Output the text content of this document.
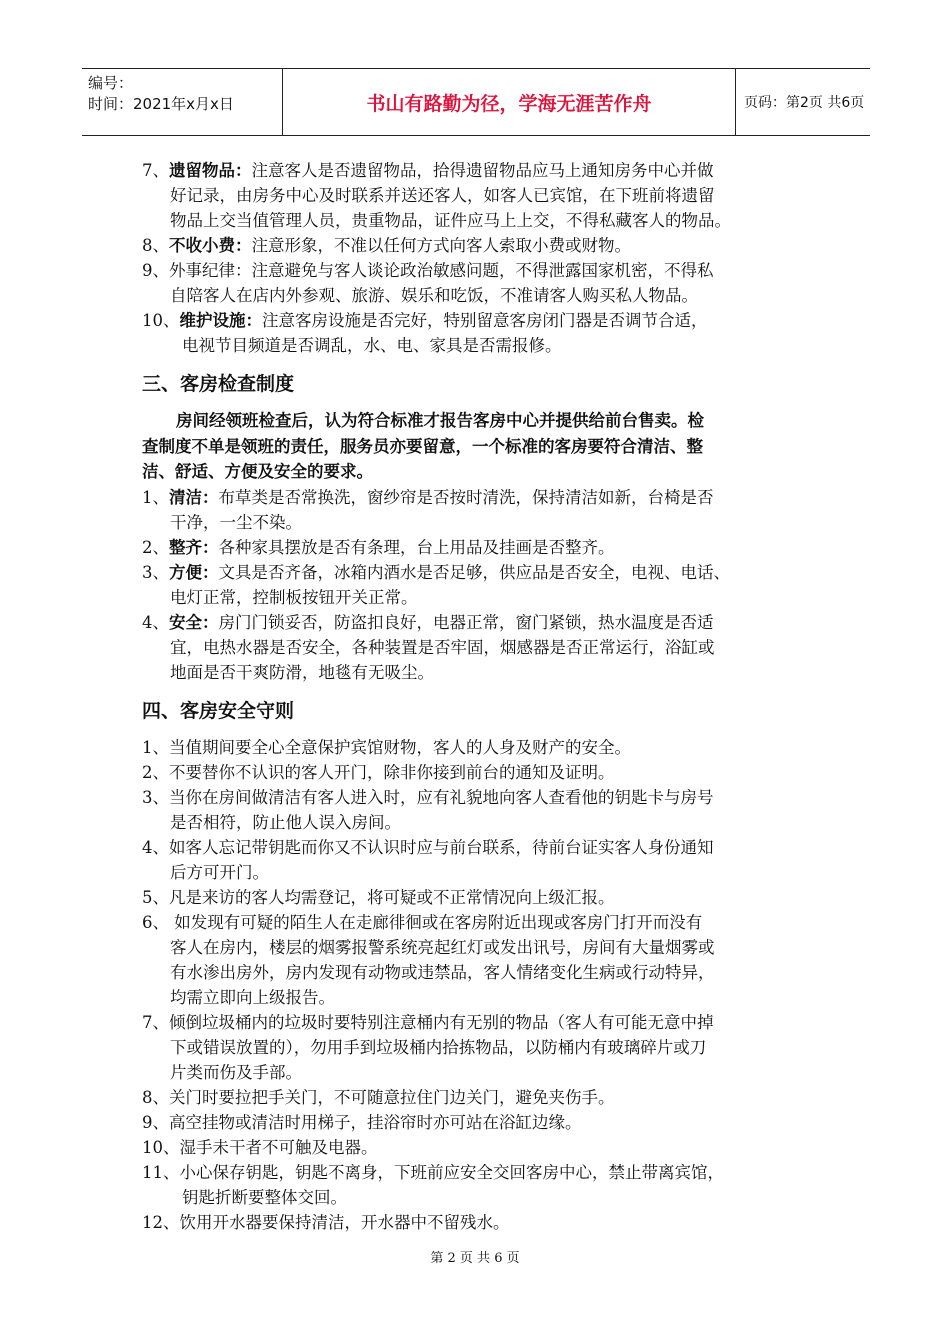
编号：
时间：2021年x月x日	书山有路勤为径，学海无涯苦作舟	页码：第2页 共6页

7、遗留物品：注意客人是否遗留物品，拾得遗留物品应马上通知房务中心并做
好记录，由房务中心及时联系并送还客人，如客人已宾馆，在下班前将遗留
物品上交当值管理人员，贵重物品，证件应马上上交，不得私藏客人的物品。

8、不收小费：注意形象，不准以任何方式向客人索取小费或财物。

9、外事纪律：注意避免与客人谈论政治敏感问题，不得泄露国家机密，不得私
自陪客人在店内外参观、旅游、娱乐和吃饭，不准请客人购买私人物品。

10、维护设施：注意客房设施是否完好，特别留意客房闭门器是否调节合适，
电视节目频道是否调乱，水、电、家具是否需报修。

三、客房检查制度
房间经领班检查后，认为符合标准才报告客房中心并提供给前台售卖。检
查制度不单是领班的责任，服务员亦要留意，一个标准的客房要符合清洁、整
洁、舒适、方便及安全的要求。

1、清洁：布草类是否常换洗，窗纱帘是否按时清洗，保持清洁如新，台椅是否
干净，一尘不染。

2、整齐：各种家具摆放是否有条理，台上用品及挂画是否整齐。

3、方便：文具是否齐备，冰箱内酒水是否足够，供应品是否安全，电视、电话、
电灯正常，控制板按钮开关正常。

4、安全：房门门锁妥否，防盗扣良好，电器正常，窗门紧锁，热水温度是否适
宜，电热水器是否安全，各种装置是否牢固，烟感器是否正常运行，浴缸或
地面是否干爽防滑，地毯有无吸尘。

四、客房安全守则

1、当值期间要全心全意保护宾馆财物，客人的人身及财产的安全。

2、不要替你不认识的客人开门，除非你接到前台的通知及证明。

3、当你在房间做清洁有客人进入时，应有礼貌地向客人查看他的钥匙卡与房号
是否相符，防止他人误入房间。

4、如客人忘记带钥匙而你又不认识时应与前台联系，待前台证实客人身份通知
后方可开门。

5、凡是来访的客人均需登记，将可疑或不正常情况向上级汇报。

6、 如发现有可疑的陌生人在走廊徘徊或在客房附近出现或客房门打开而没有
客人在房内，楼层的烟雾报警系统亮起红灯或发出讯号，房间有大量烟雾或
有水渗出房外，房内发现有动物或违禁品，客人情绪变化生病或行动特异，
均需立即向上级报告。

7、倾倒垃圾桶内的垃圾时要特别注意桶内有无别的物品（客人有可能无意中掉
下或错误放置的），勿用手到垃圾桶内拾拣物品，以防桶内有玻璃碎片或刀
片类而伤及手部。

8、关门时要拉把手关门，不可随意拉住门边关门，避免夹伤手。

9、高空挂物或清洁时用梯子，挂浴帘时亦可站在浴缸边缘。

10、湿手未干者不可触及电器。

11、小心保存钥匙，钥匙不离身，下班前应安全交回客房中心，禁止带离宾馆，
钥匙折断要整体交回。

12、饮用开水器要保持清洁，开水器中不留残水。

第 2 页 共 6 页
